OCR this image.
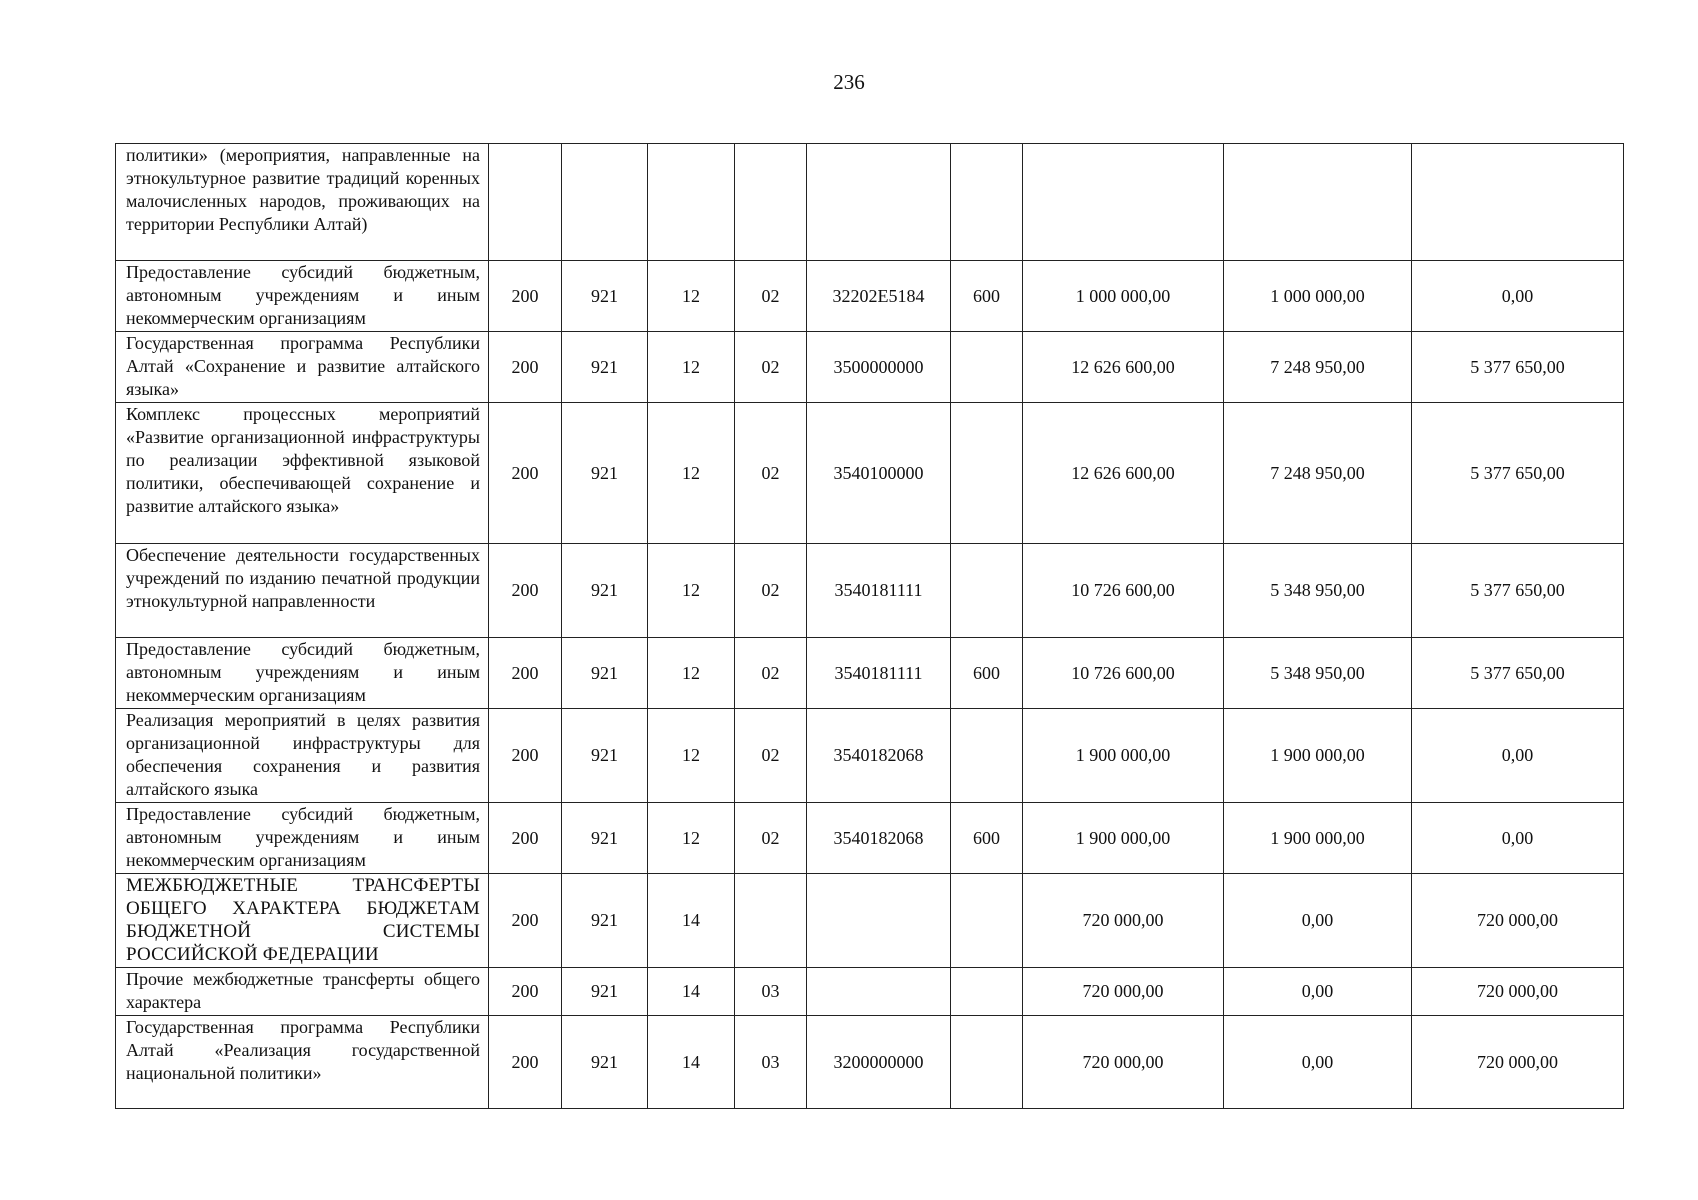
236
политики» (мероприятия, направленные на этнокультурное развитие традиций коренных малочисленных народов, проживающих на территории Республики Алтай)									
Предоставление субсидий бюджетным, автономным учреждениям и иным некоммерческим организациям	200	921	12	02	32202E5184	600	1 000 000,00	1 000 000,00	0,00
Государственная программа Республики Алтай «Сохранение и развитие алтайского языка»	200	921	12	02	3500000000		12 626 600,00	7 248 950,00	5 377 650,00
Комплекс процессных мероприятий «Развитие организационной инфраструктуры по реализации эффективной языковой политики, обеспечивающей сохранение и развитие алтайского языка»	200	921	12	02	3540100000		12 626 600,00	7 248 950,00	5 377 650,00
Обеспечение деятельности государственных учреждений по изданию печатной продукции этнокультурной направленности	200	921	12	02	3540181111		10 726 600,00	5 348 950,00	5 377 650,00
Предоставление субсидий бюджетным, автономным учреждениям и иным некоммерческим организациям	200	921	12	02	3540181111	600	10 726 600,00	5 348 950,00	5 377 650,00
Реализация мероприятий в целях развития организационной инфраструктуры для обеспечения сохранения и развития алтайского языка	200	921	12	02	3540182068		1 900 000,00	1 900 000,00	0,00
Предоставление субсидий бюджетным, автономным учреждениям и иным некоммерческим организациям	200	921	12	02	3540182068	600	1 900 000,00	1 900 000,00	0,00
МЕЖБЮДЖЕТНЫЕ ТРАНСФЕРТЫ ОБЩЕГО ХАРАКТЕРА БЮДЖЕТАМ БЮДЖЕТНОЙ СИСТЕМЫ РОССИЙСКОЙ ФЕДЕРАЦИИ	200	921	14				720 000,00	0,00	720 000,00
Прочие межбюджетные трансферты общего характера	200	921	14	03			720 000,00	0,00	720 000,00
Государственная программа Республики Алтай «Реализация государственной национальной политики»	200	921	14	03	3200000000		720 000,00	0,00	720 000,00
